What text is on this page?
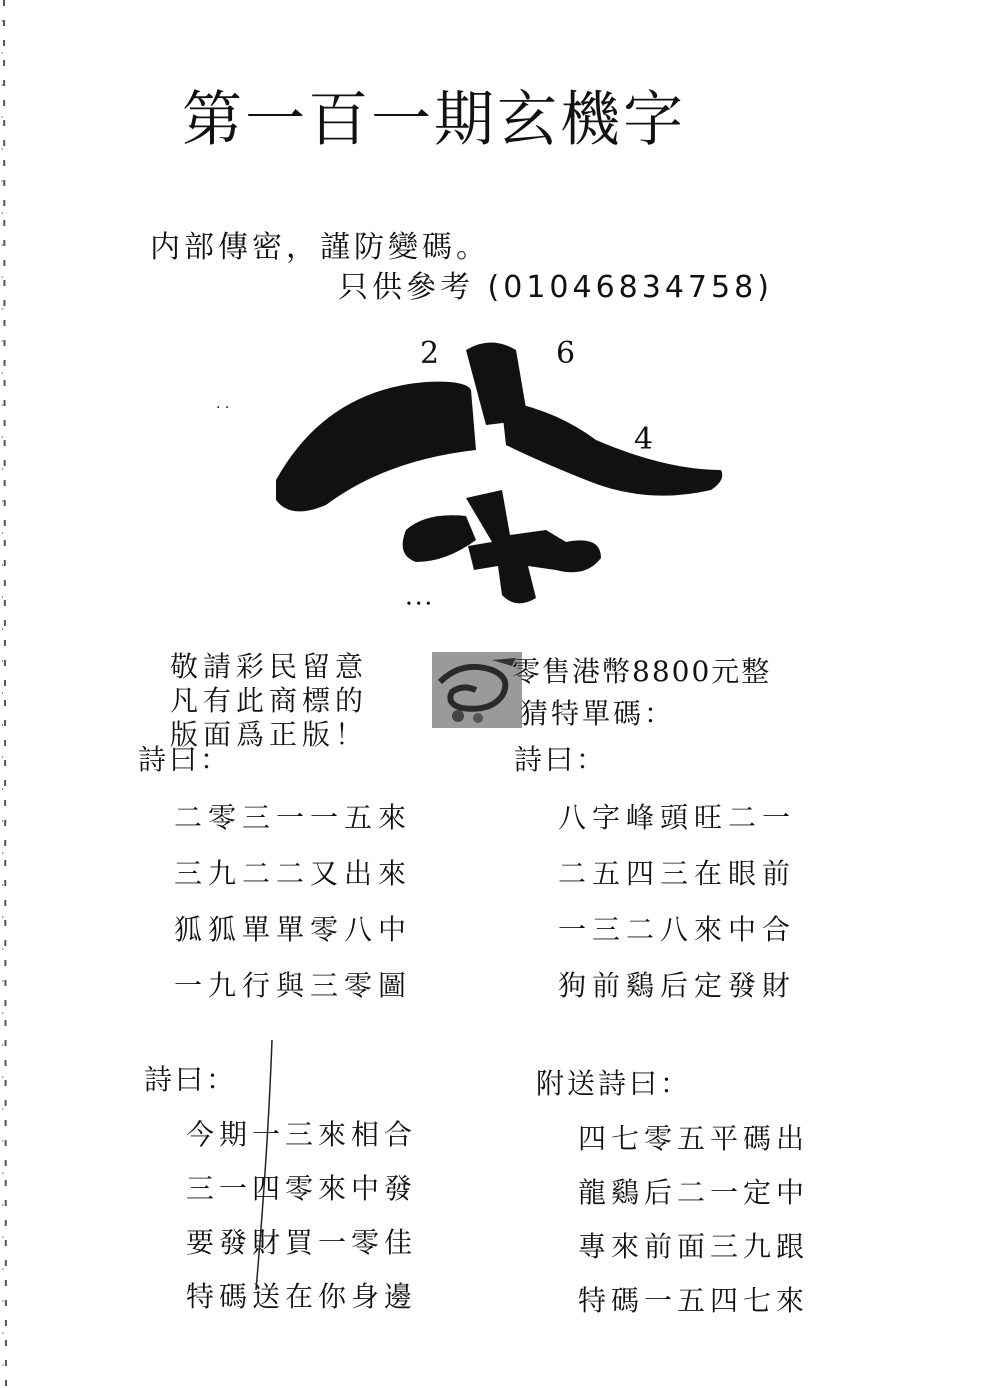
第一百一期玄機字
内部傳密，謹防變碼。
只供參考 (01046834758)
· ·
2	6
1	4
∙ ∙ ∙
敬請彩民留意
凡有此商標的
版面爲正版！
零售港幣8800元整
猜特單碼：
詩曰：
二零三一一五來
三九二二又出來
狐狐單單零八中
一九行與三零圖
詩曰：
八字峰頭旺二一
二五四三在眼前
一三二八來中合
狗前鷄后定發財
詩曰：
今期一三來相合
三一四零來中發
要發財買一零佳
特碼送在你身邊
附送詩曰：
四七零五平碼出
龍鷄后二一定中
專來前面三九跟
特碼一五四七來
